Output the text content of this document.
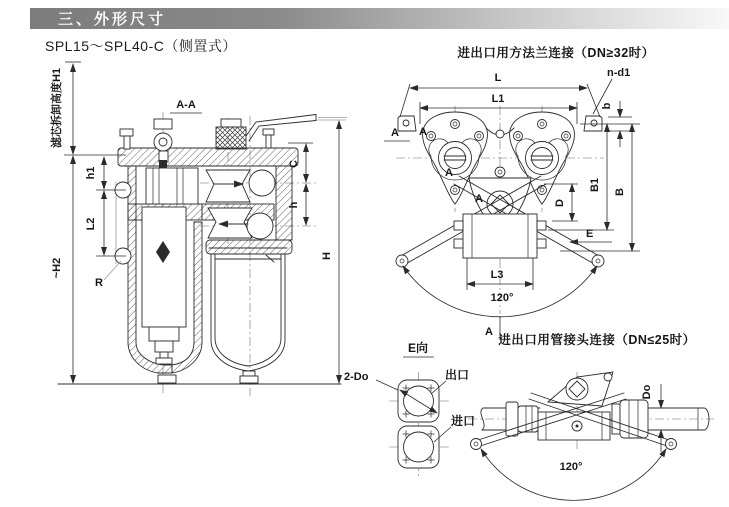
三、外形尺寸
SPL15～SPL40-C（侧置式）
A-A
滤芯拆卸高度H1
~H2
h1
L2
R
C
h
H
进出口用方法兰连接（DN≥32时）
L
L1
n-d1
b
B1 B
D
E
L3
120°
A A
A
A
A
进出口用管接头连接（DN≤25时）
120°
Do
E向
2-Do	出口
进口
